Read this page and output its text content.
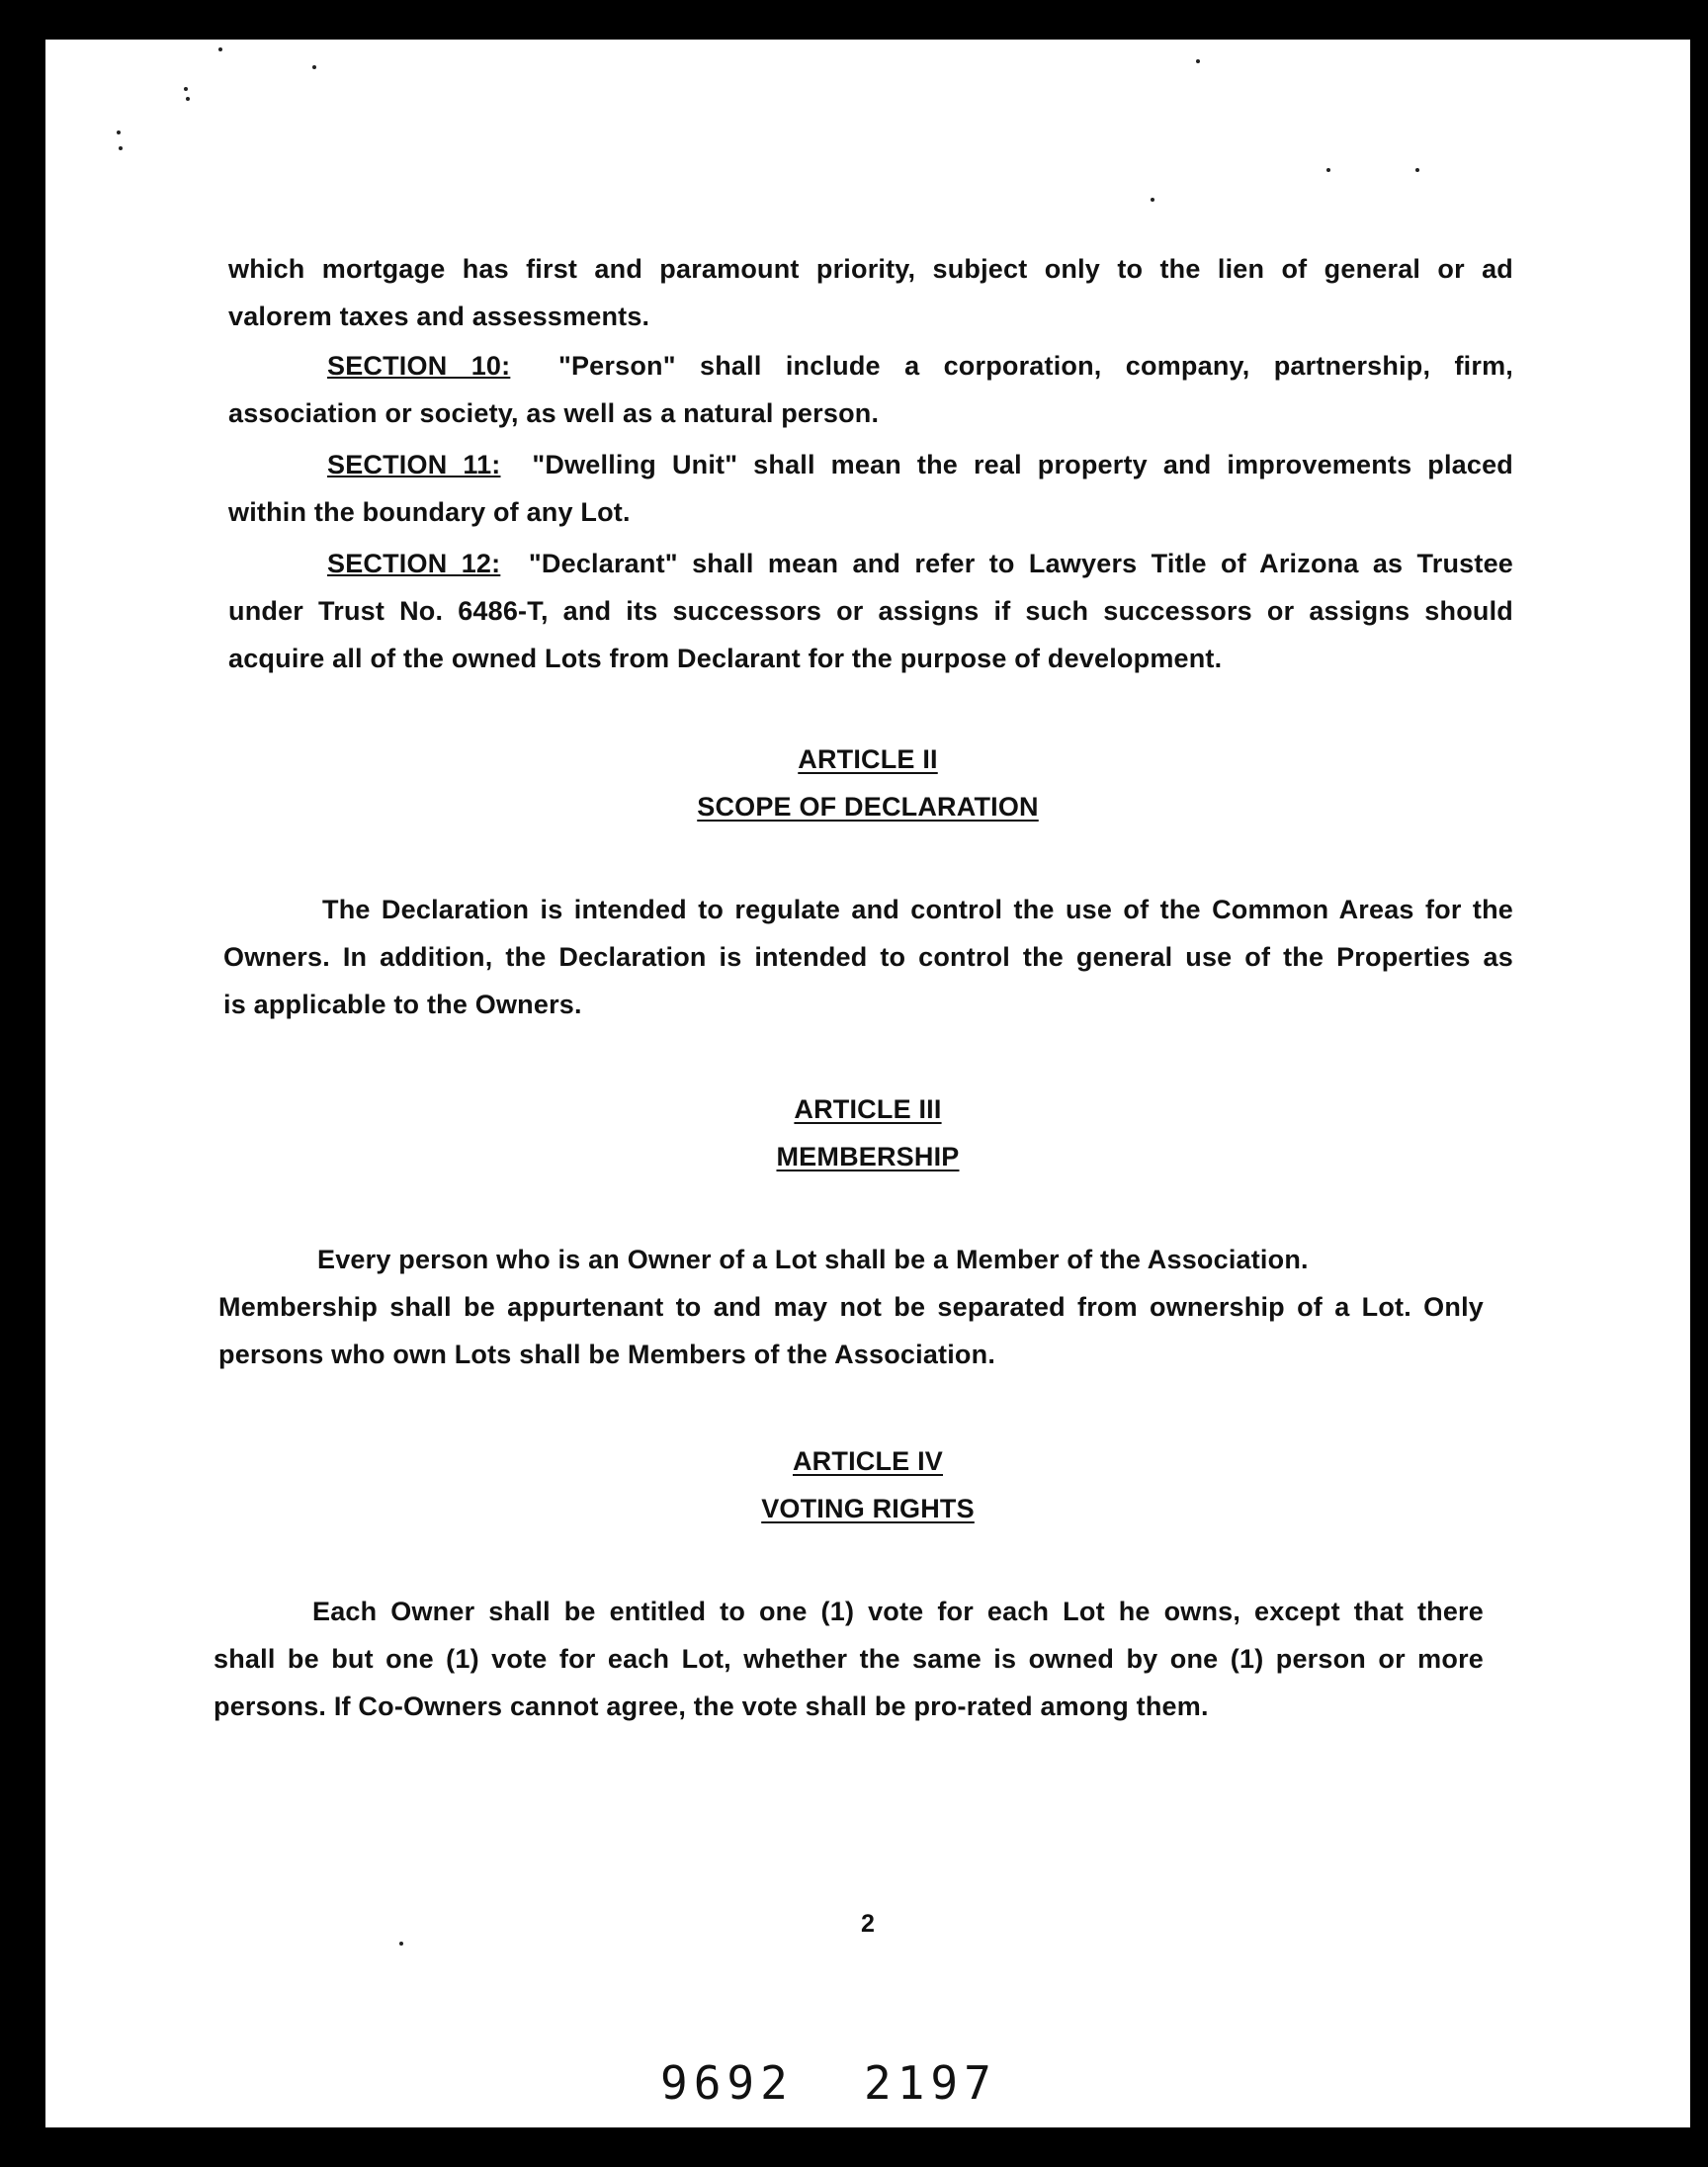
which mortgage has first and paramount priority, subject only to the lien of general or ad
valorem taxes and assessments.
SECTION 10: "Person" shall include a corporation, company, partnership, firm,
association or society, as well as a natural person.
SECTION 11: "Dwelling Unit" shall mean the real property and improvements placed
within the boundary of any Lot.
SECTION 12: "Declarant" shall mean and refer to Lawyers Title of Arizona as Trustee
under Trust No. 6486-T, and its successors or assigns if such successors or assigns should
acquire all of the owned Lots from Declarant for the purpose of development.
ARTICLE II
SCOPE OF DECLARATION
The Declaration is intended to regulate and control the use of the Common Areas for the
Owners. In addition, the Declaration is intended to control the general use of the Properties as
is applicable to the Owners.
ARTICLE III
MEMBERSHIP
Every person who is an Owner of a Lot shall be a Member of the Association.
Membership shall be appurtenant to and may not be separated from ownership of a Lot. Only
persons who own Lots shall be Members of the Association.
ARTICLE IV
VOTING RIGHTS
Each Owner shall be entitled to one (1) vote for each Lot he owns, except that there
shall be but one (1) vote for each Lot, whether the same is owned by one (1) person or more
persons. If Co-Owners cannot agree, the vote shall be pro-rated among them.
2
9692 2197
